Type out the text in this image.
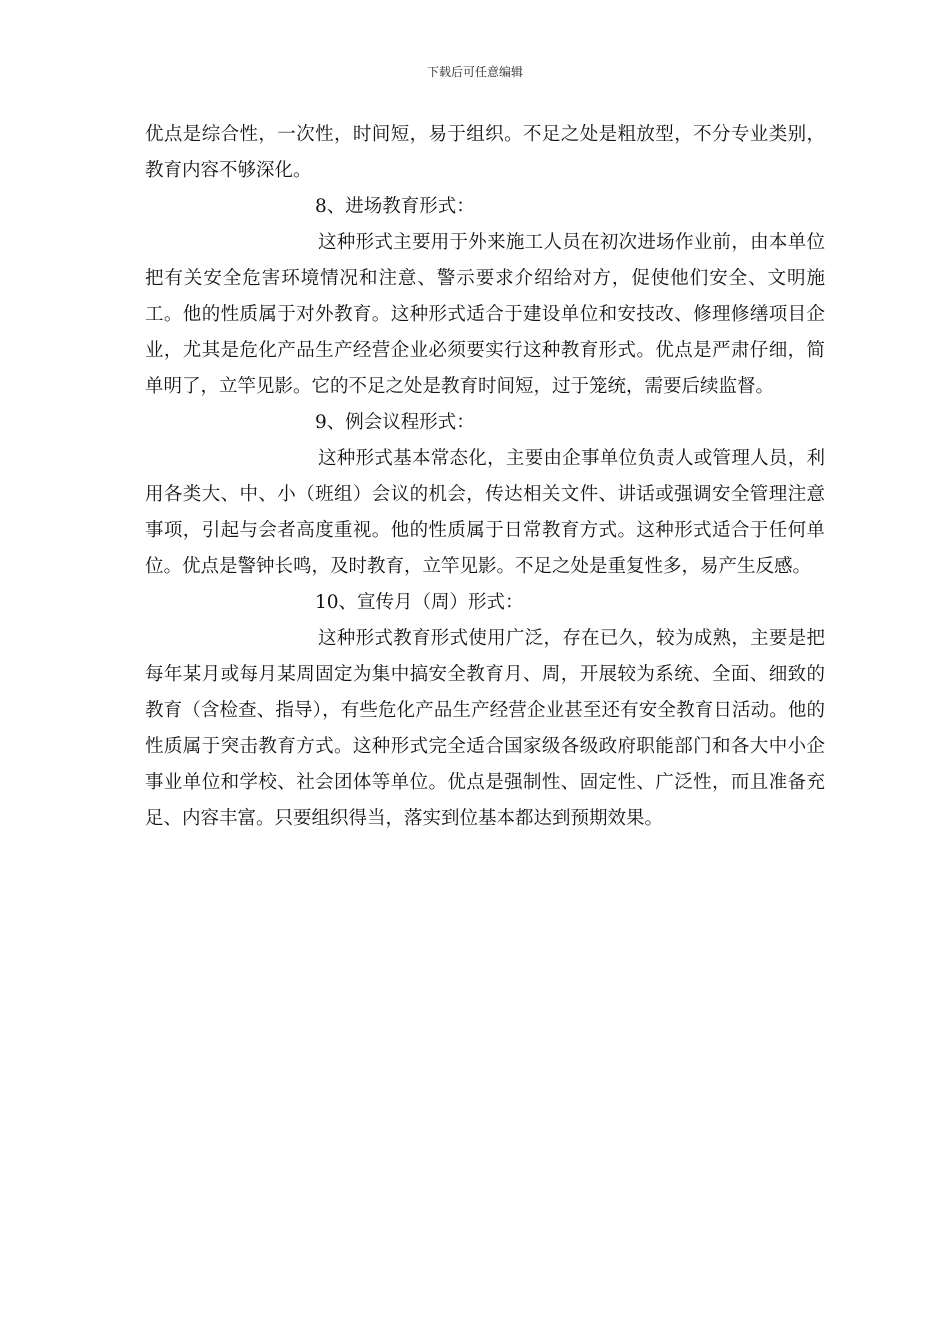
下载后可任意编辑

优点是综合性，一次性，时间短，易于组织。不足之处是粗放型，不分专业类别，教育内容不够深化。

8、进场教育形式：

这种形式主要用于外来施工人员在初次进场作业前，由本单位把有关安全危害环境情况和注意、警示要求介绍给对方，促使他们安全、文明施工。他的性质属于对外教育。这种形式适合于建设单位和安技改、修理修缮项目企业，尤其是危化产品生产经营企业必须要实行这种教育形式。优点是严肃仔细，简单明了，立竿见影。它的不足之处是教育时间短，过于笼统，需要后续监督。

9、例会议程形式：

这种形式基本常态化，主要由企事单位负责人或管理人员，利用各类大、中、小（班组）会议的机会，传达相关文件、讲话或强调安全管理注意事项，引起与会者高度重视。他的性质属于日常教育方式。这种形式适合于任何单位。优点是警钟长鸣，及时教育，立竿见影。不足之处是重复性多，易产生反感。

10、宣传月（周）形式：

这种形式教育形式使用广泛，存在已久，较为成熟，主要是把每年某月或每月某周固定为集中搞安全教育月、周，开展较为系统、全面、细致的教育（含检查、指导），有些危化产品生产经营企业甚至还有安全教育日活动。他的性质属于突击教育方式。这种形式完全适合国家级各级政府职能部门和各大中小企事业单位和学校、社会团体等单位。优点是强制性、固定性、广泛性，而且准备充足、内容丰富。只要组织得当，落实到位基本都达到预期效果。
